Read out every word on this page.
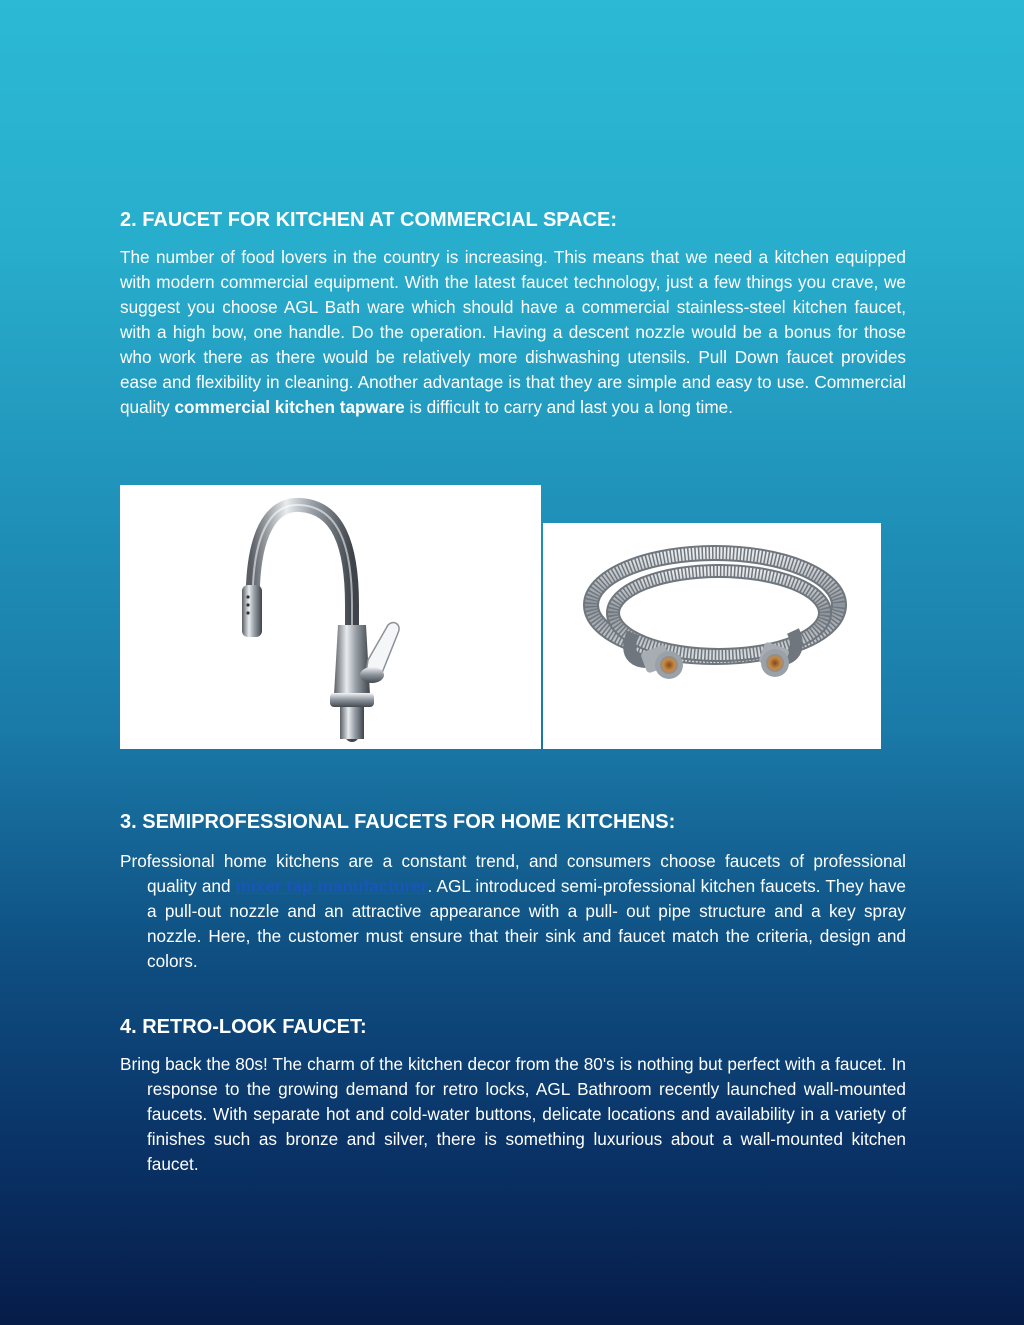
2. FAUCET FOR KITCHEN AT COMMERCIAL SPACE:

The number of food lovers in the country is increasing. This means that we need a kitchen equipped with modern commercial equipment. With the latest faucet technology, just a few things you crave, we suggest you choose AGL Bath ware which should have a commercial stainless-steel kitchen faucet, with a high bow, one handle. Do the operation. Having a descent nozzle would be a bonus for those who work there as there would be relatively more dishwashing utensils. Pull Down faucet provides ease and flexibility in cleaning. Another advantage is that they are simple and easy to use. Commercial quality commercial kitchen tapware is difficult to carry and last you a long time.

3. SEMIPROFESSIONAL FAUCETS FOR HOME KITCHENS:

Professional home kitchens are a constant trend, and consumers choose faucets of professional quality and mixer tap manufacturer. AGL introduced semi-professional kitchen faucets. They have a pull-out nozzle and an attractive appearance with a pull- out pipe structure and a key spray nozzle. Here, the customer must ensure that their sink and faucet match the criteria, design and colors.

4. RETRO-LOOK FAUCET:

Bring back the 80s! The charm of the kitchen decor from the 80's is nothing but perfect with a faucet. In response to the growing demand for retro locks, AGL Bathroom recently launched wall-mounted faucets. With separate hot and cold-water buttons, delicate locations and availability in a variety of finishes such as bronze and silver, there is something luxurious about a wall-mounted kitchen faucet.
